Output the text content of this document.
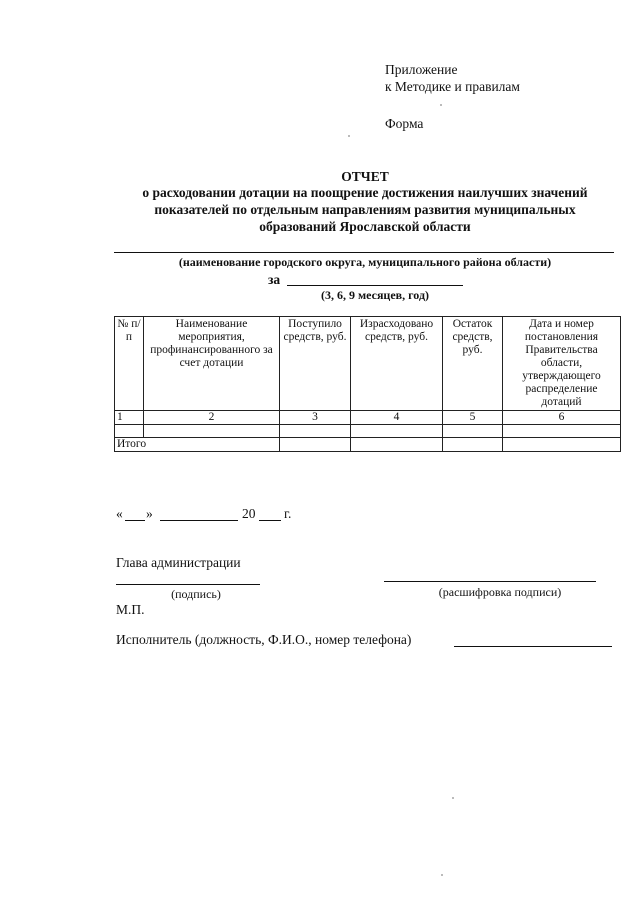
Приложение
к Методике и правилам
Форма
ОТЧЕТ
о расходовании дотации на поощрение достижения наилучших значений
показателей по отдельным направлениям развития муниципальных
образований Ярославской области
(наименование городского округа, муниципального района области)
за
(3, 6, 9 месяцев, год)
№ п/п	Наименование мероприятия, профинансированного за счет дотации	Поступило средств, руб.	Израсходовано средств, руб.	Остаток средств, руб.	Дата и номер постановления Правительства области, утверждающего распределение дотаций
1	2	3	4	5	6

Итого					
« »	20 г.
Глава администрации
(подпись)	(расшифровка подписи)
М.П.
Исполнитель (должность, Ф.И.О., номер телефона)
